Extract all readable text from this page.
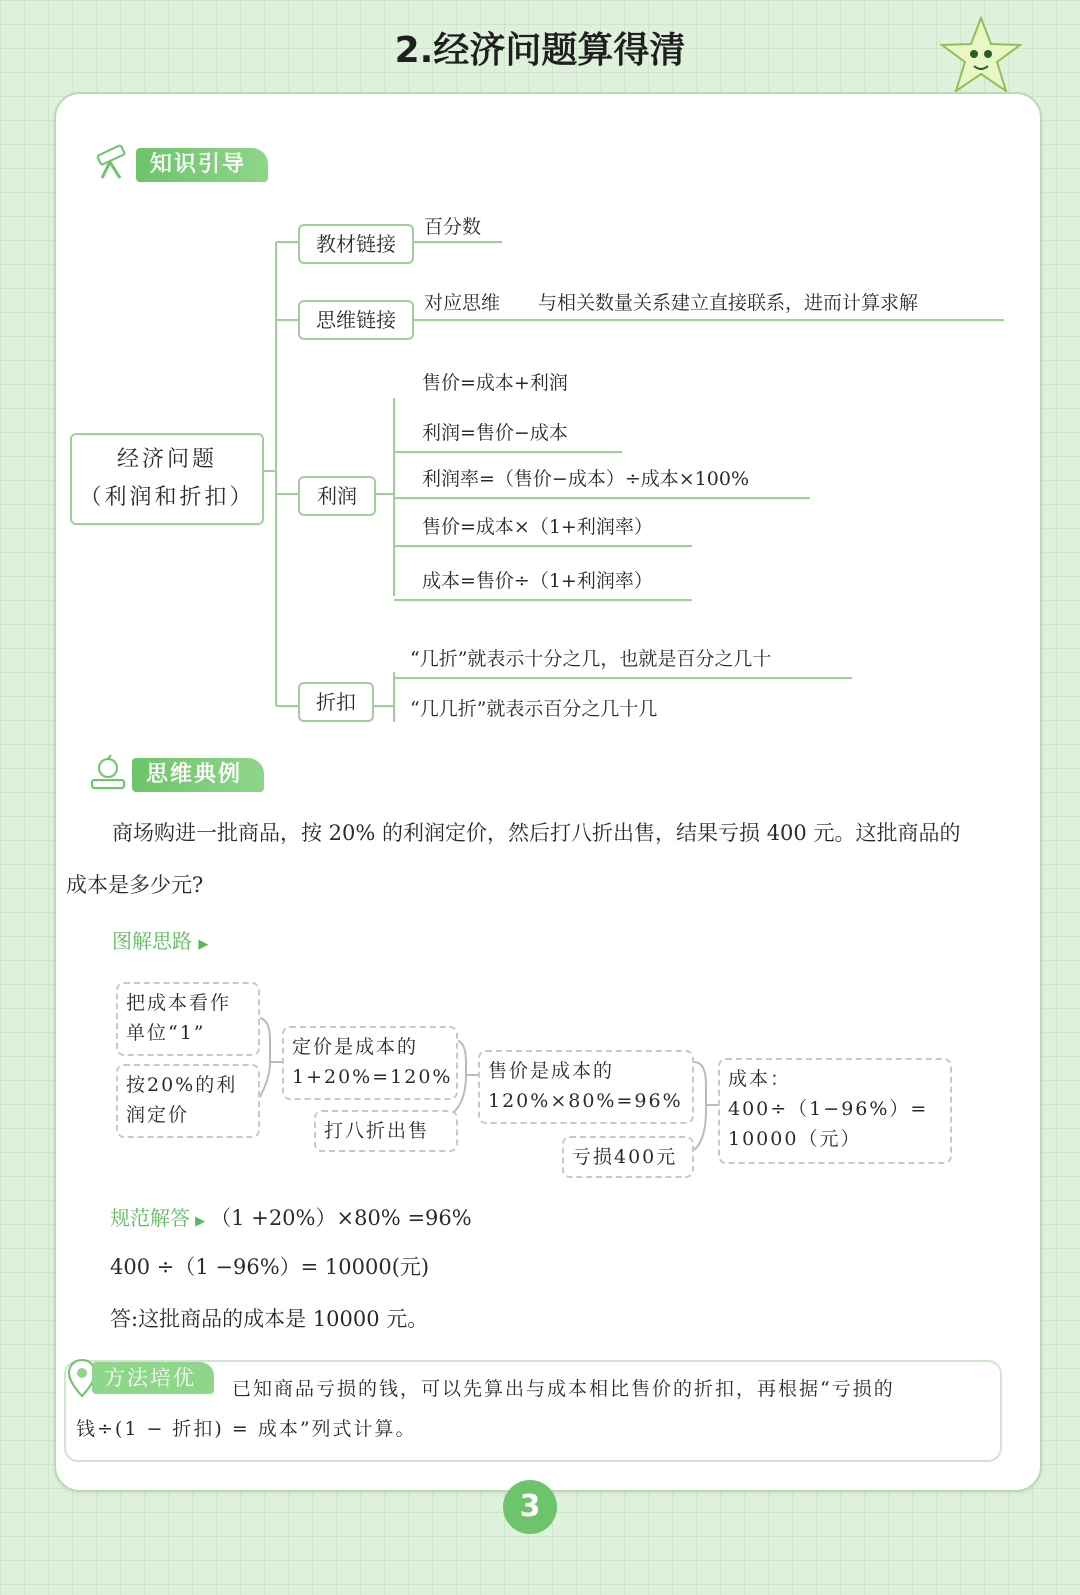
2.经济问题算得清
知识引导
经济问题
（利润和折扣）
教材链接
百分数
思维链接
对应思维 与相关数量关系建立直接联系，进而计算求解
利润
售价=成本+利润
利润=售价−成本
利润率=（售价−成本）÷成本×100%
售价=成本×（1+利润率）
成本=售价÷（1+利润率）
折扣
“几折”就表示十分之几，也就是百分之几十
“几几折”就表示百分之几十几
思维典例
商场购进一批商品，按 20% 的利润定价，然后打八折出售，结果亏损 400 元。这批商品的
成本是多少元?
图解思路 ▶
把成本看作
单位“1”
按20%的利
润定价
定价是成本的
1+20%=120%
打八折出售
售价是成本的
120%×80%=96%
亏损400元
成本：
400÷（1−96%）=
10000（元）
规范解答 ▶ （1 +20%）×80% =96%
400 ÷（1 −96%）= 10000(元)
答:这批商品的成本是 10000 元。
方法培优	已知商品亏损的钱，可以先算出与成本相比售价的折扣，再根据“亏损的
钱÷(1 − 折扣) = 成本”列式计算。
3
